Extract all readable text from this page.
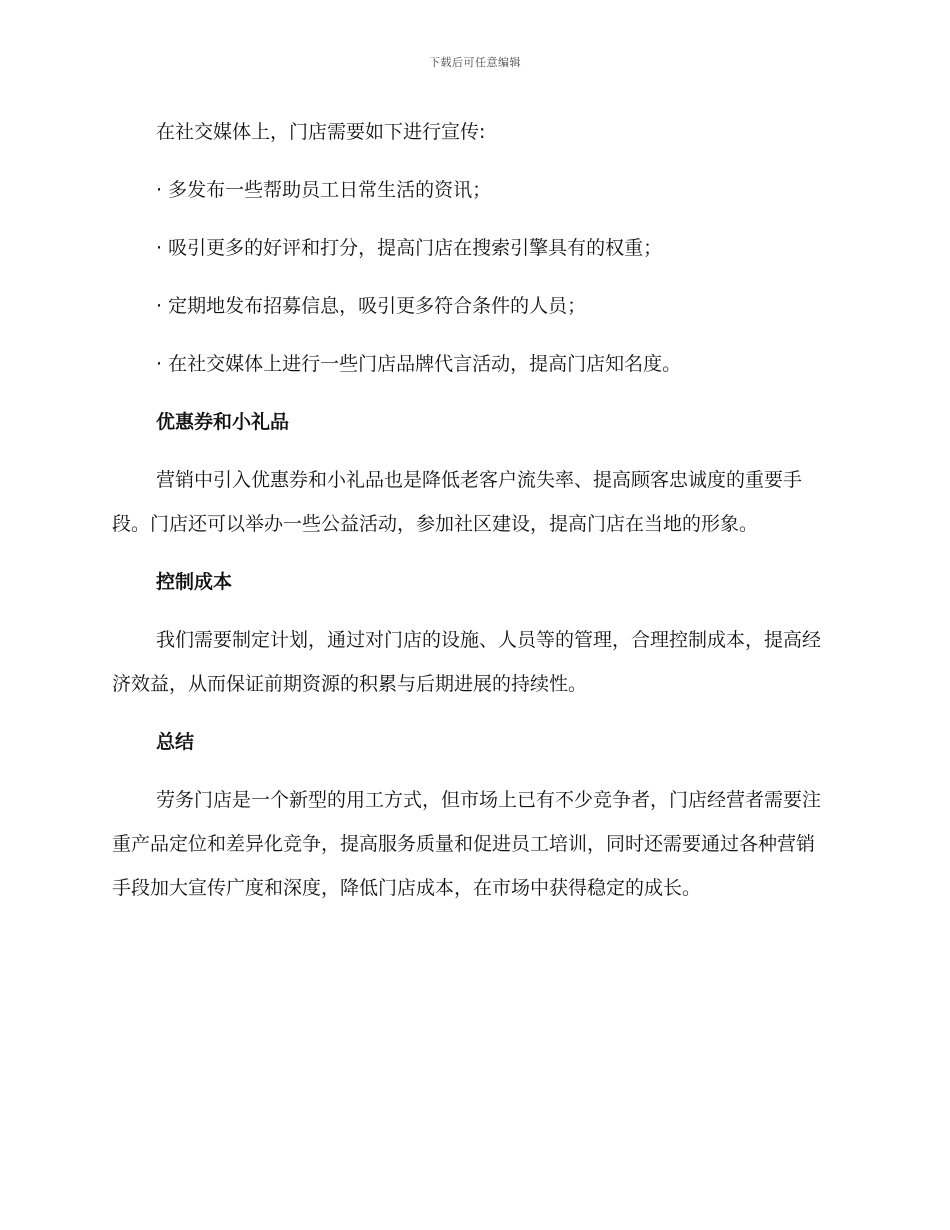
下载后可任意编辑

在社交媒体上，门店需要如下进行宣传:

· 多发布一些帮助员工日常生活的资讯；

· 吸引更多的好评和打分，提高门店在搜索引擎具有的权重；

· 定期地发布招募信息，吸引更多符合条件的人员；

· 在社交媒体上进行一些门店品牌代言活动，提高门店知名度。

优惠券和小礼品

营销中引入优惠券和小礼品也是降低老客户流失率、提高顾客忠诚度的重要手段。门店还可以举办一些公益活动，参加社区建设，提高门店在当地的形象。

控制成本

我们需要制定计划，通过对门店的设施、人员等的管理，合理控制成本，提高经济效益，从而保证前期资源的积累与后期进展的持续性。

总结

劳务门店是一个新型的用工方式，但市场上已有不少竞争者，门店经营者需要注重产品定位和差异化竞争，提高服务质量和促进员工培训，同时还需要通过各种营销手段加大宣传广度和深度，降低门店成本，在市场中获得稳定的成长。
